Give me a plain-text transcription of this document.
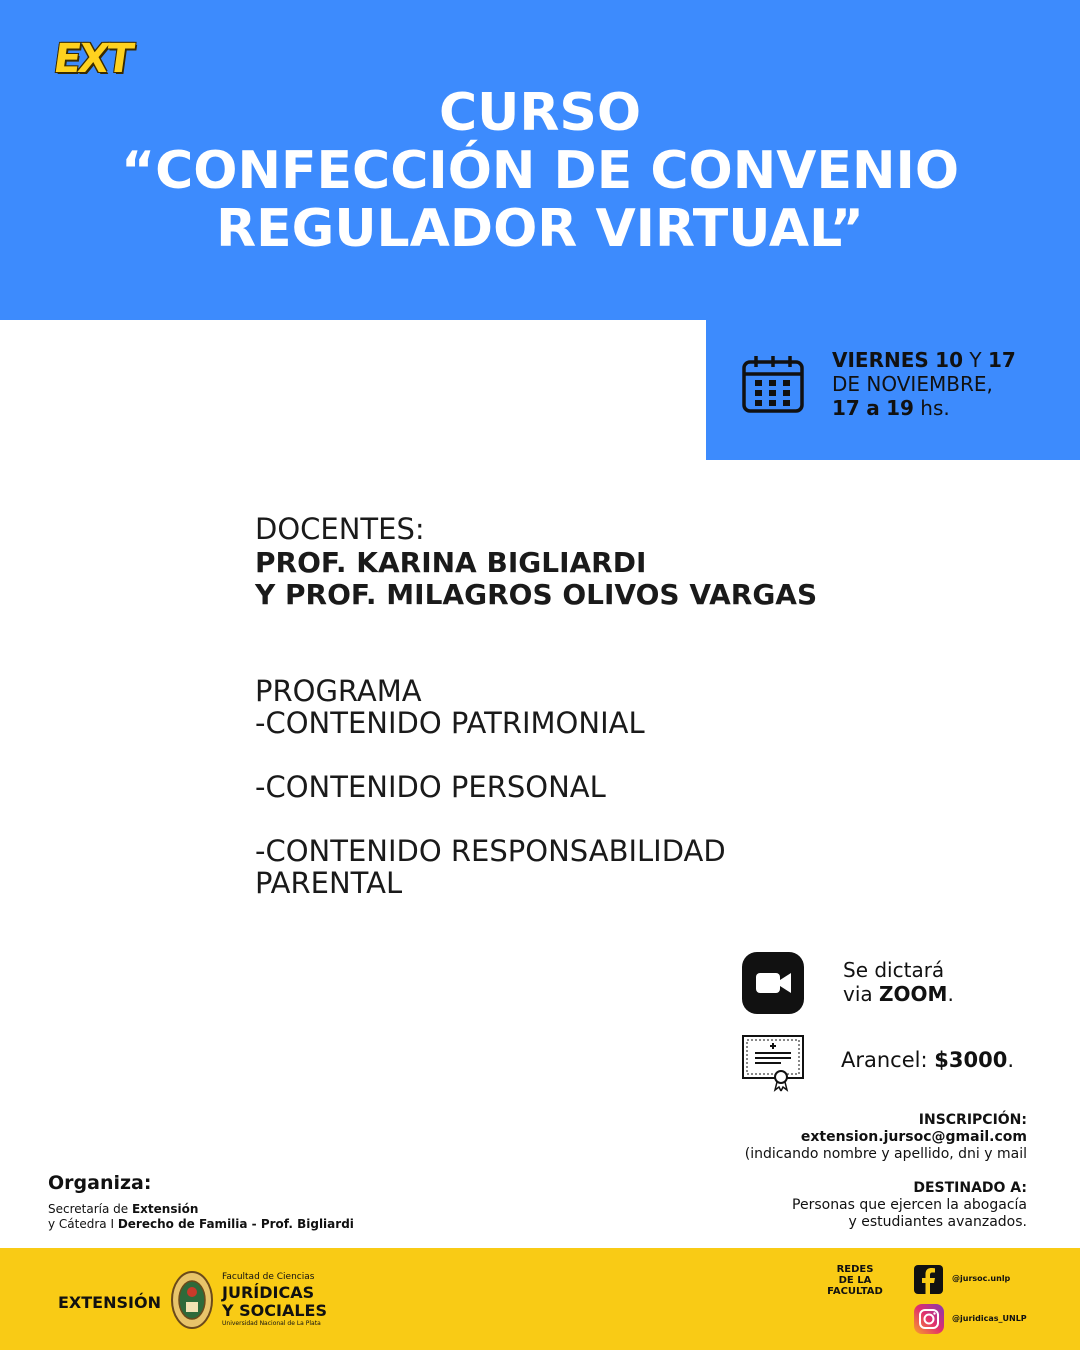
EXT
CURSO
“CONFECCIÓN DE CONVENIO
REGULADOR VIRTUAL”
VIERNES 10 Y 17
DE NOVIEMBRE,
17 a 19 hs.
DOCENTES:
PROF. KARINA BIGLIARDI
Y PROF. MILAGROS OLIVOS VARGAS
PROGRAMA
-CONTENIDO PATRIMONIAL
-CONTENIDO PERSONAL
-CONTENIDO RESPONSABILIDAD
PARENTAL
Se dictará
via ZOOM.
Arancel: $3000.
INSCRIPCIÓN:
extension.jursoc@gmail.com
(indicando nombre y apellido, dni y mail
DESTINADO A:
Personas que ejercen la abogacía
y estudiantes avanzados.
Organiza:
Secretaría de Extensión
y Cátedra I Derecho de Familia - Prof. Bigliardi
EXTENSIÓN
Facultad de Ciencias
JURÍDICAS
Y SOCIALES
Universidad Nacional de La Plata
REDES
DE LA
FACULTAD
@jursoc.unlp
@juridicas_UNLP
